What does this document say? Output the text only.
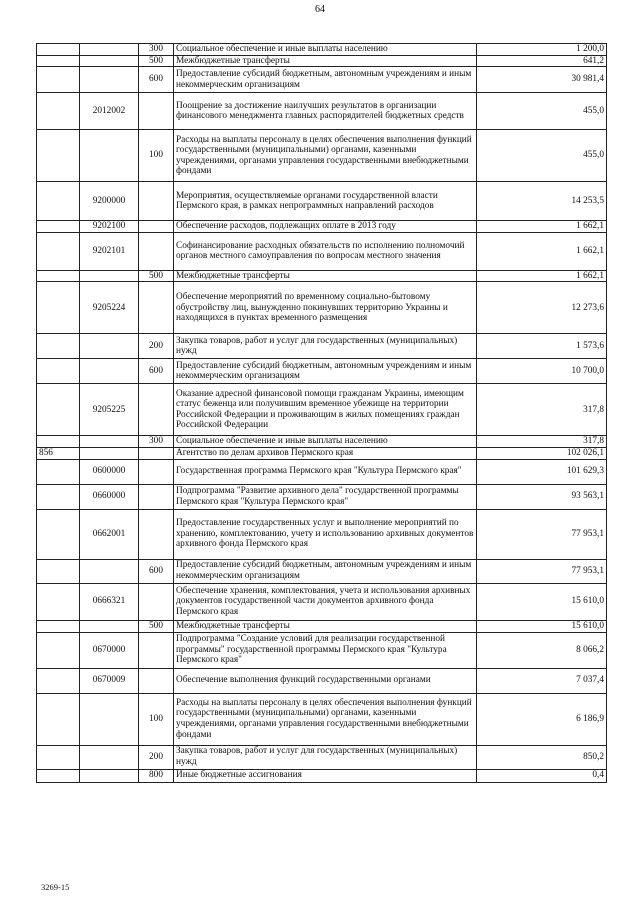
64
		300	Социальное обеспечение и иные выплаты населению	1 200,0
		500	Межбюджетные трансферты	641,2
		600	Предоставление субсидий бюджетным, автономным учреждениям и иным некоммерческим организациям	30 981,4
	2012002		Поощрение за достижение наилучших результатов в организации финансового менеджмента главных распорядителей бюджетных средств	455,0
		100	Расходы на выплаты персоналу в целях обеспечения выполнения функций государственными (муниципальными) органами, казенными учреждениями, органами управления государственными внебюджетными фондами	455,0
	9200000		Мероприятия, осуществляемые органами государственной власти Пермского края, в рамках непрограммных направлений расходов	14 253,5
	9202100		Обеспечение расходов, подлежащих оплате в 2013 году	1 662,1
	9202101		Софинансирование расходных обязательств по исполнению полномочий органов местного самоуправления по вопросам местного значения	1 662,1
		500	Межбюджетные трансферты	1 662,1
	9205224		Обеспечение мероприятий по временному социально-бытовому обустройству лиц, вынужденно покинувших территорию Украины и находящихся в пунктах временного размещения	12 273,6
		200	Закупка товаров, работ и услуг для государственных (муниципальных) нужд	1 573,6
		600	Предоставление субсидий бюджетным, автономным учреждениям и иным некоммерческим организациям	10 700,0
	9205225		Оказание адресной финансовой помощи гражданам Украины, имеющим статус беженца или получившим временное убежище на территории Российской Федерации и проживающим в жилых помещениях граждан Российской Федерации	317,8
		300	Социальное обеспечение и иные выплаты населению	317,8
856			Агентство по делам архивов Пермского края	102 026,1
	0600000		Государственная программа Пермского края "Культура Пермского края"	101 629,3
	0660000		Подпрограмма "Развитие архивного дела" государственной программы Пермского края "Культура Пермского края"	93 563,1
	0662001		Предоставление государственных услуг и выполнение мероприятий по хранению, комплектованию, учету и использованию архивных документов архивного фонда Пермского края	77 953,1
		600	Предоставление субсидий бюджетным, автономным учреждениям и иным некоммерческим организациям	77 953,1
	0666321		Обеспечение хранения, комплектования, учета и использования архивных документов государственной части документов архивного фонда Пермского края	15 610,0
		500	Межбюджетные трансферты	15 610,0
	0670000		Подпрограмма "Создание условий для реализации государственной программы" государственной программы Пермского края "Культура Пермского края"	8 066,2
	0670009		Обеспечение выполнения функций государственными органами	7 037,4
		100	Расходы на выплаты персоналу в целях обеспечения выполнения функций государственными (муниципальными) органами, казенными учреждениями, органами управления государственными внебюджетными фондами	6 186,9
		200	Закупка товаров, работ и услуг для государственных (муниципальных) нужд	850,2
		800	Иные бюджетные ассигнования	0,4
3269-15
